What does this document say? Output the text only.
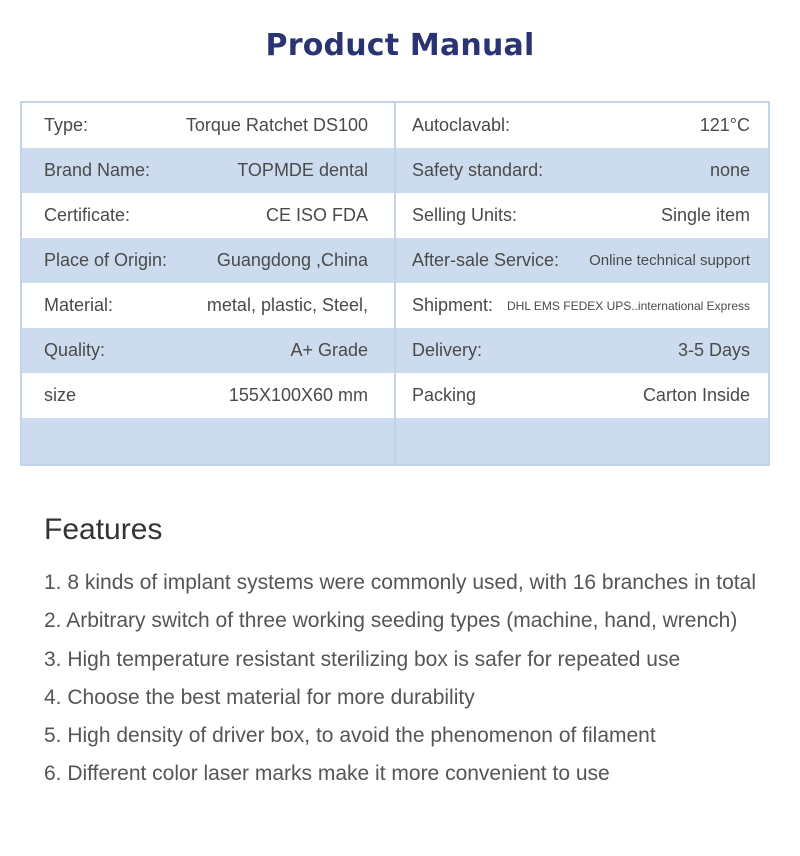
Product Manual
Type:	Torque Ratchet DS100 Autoclavabl:	121°C
Brand Name:	TOPMDE dental Safety standard:	none
Certificate:	CE ISO FDA Selling Units:	Single item
Place of Origin:	Guangdong ,China After-sale Service: Online technical support
Material:	metal, plastic, Steel, Shipment: DHL EMS FEDEX UPS..international Express
Quality:	A+ Grade Delivery:	3-5 Days
size	155X100X60 mm Packing	Carton Inside
Features
1. 8 kinds of implant systems were commonly used, with 16 branches in total
2. Arbitrary switch of three working seeding types (machine, hand, wrench)
3. High temperature resistant sterilizing box is safer for repeated use
4. Choose the best material for more durability
5. High density of driver box, to avoid the phenomenon of filament
6. Different color laser marks make it more convenient to use
